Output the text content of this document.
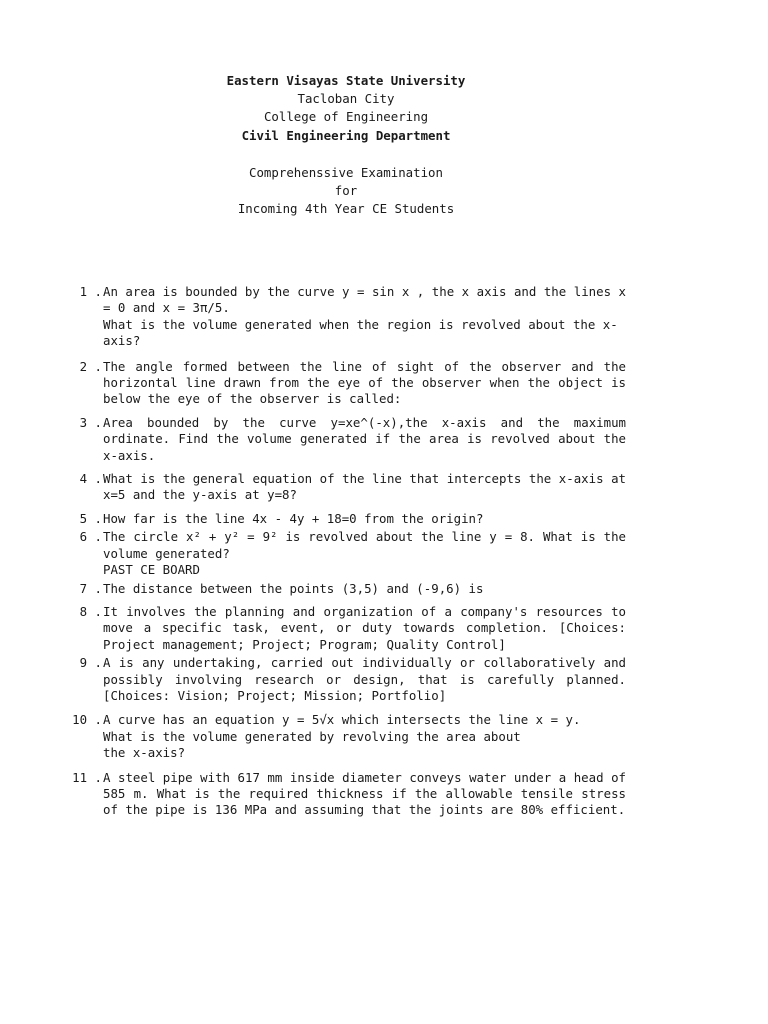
Eastern Visayas State University
Tacloban City
College of Engineering
Civil Engineering Department
Comprehenssive Examination
for
Incoming 4th Year CE Students
1 . An area is bounded by the curve y = sin x , the x axis and the lines x = 0 and x = 3π/5.
What is the volume generated when the region is revolved about the x-axis?
2 . The angle formed between the line of sight of the observer and the horizontal line drawn from the eye of the observer when the object is below the eye of the observer is called:
3 . Area bounded by the curve y=xe^(-x),the x-axis and the maximum ordinate. Find the volume generated if the area is revolved about the x-axis.
4 . What is the general equation of the line that intercepts the x-axis at x=5 and the y-axis at y=8?
5 . How far is the line 4x - 4y + 18=0 from the origin?
6 . The circle x² + y² = 9² is revolved about the line y = 8. What is the volume generated?
PAST CE BOARD
7 . The distance between the points (3,5) and (-9,6) is
8 . It involves the planning and organization of a company's resources to move a specific task, event, or duty towards completion. [Choices: Project management; Project; Program; Quality Control]
9 . A is any undertaking, carried out individually or collaboratively and possibly involving research or design, that is carefully planned. [Choices: Vision; Project; Mission; Portfolio]
10 . A curve has an equation y = 5√x which intersects the line x = y.
What is the volume generated by revolving the area about
the x-axis?
11 . A steel pipe with 617 mm inside diameter conveys water under a head of 585 m. What is the required thickness if the allowable tensile stress of the pipe is 136 MPa and assuming that the joints are 80% efficient.
